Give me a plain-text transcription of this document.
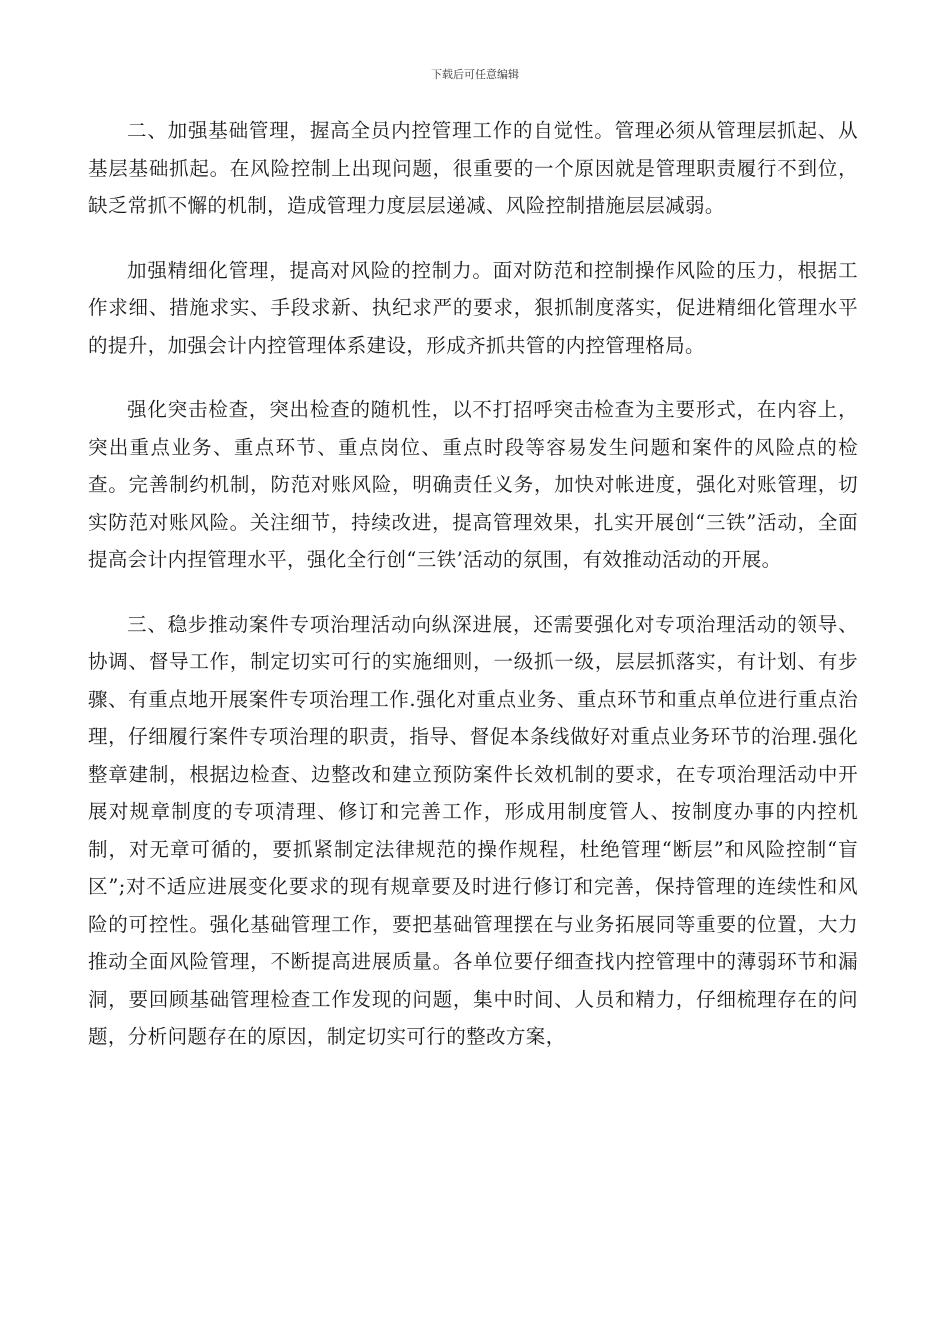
下载后可任意编辑

二、加强基础管理，握高全员内控管理工作的自觉性。管理必须从管理层抓起、从基层基础抓起。在风险控制上出现问题，很重要的一个原因就是管理职责履行不到位，缺乏常抓不懈的机制，造成管理力度层层递减、风险控制措施层层减弱。

加强精细化管理，提高对风险的控制力。面对防范和控制操作风险的压力，根据工作求细、措施求实、手段求新、执纪求严的要求，狠抓制度落实，促进精细化管理水平的提升，加强会计内控管理体系建设，形成齐抓共管的内控管理格局。

强化突击检查，突出检查的随机性，以不打招呼突击检查为主要形式，在内容上，突出重点业务、重点环节、重点岗位、重点时段等容易发生问题和案件的风险点的检查。完善制约机制，防范对账风险，明确责任义务，加快对帐进度，强化对账管理，切实防范对账风险。关注细节，持续改进，提高管理效果，扎实开展创“三铁”活动，全面提高会计内捏管理水平，强化全行创“三铁’活动的氛围，有效推动活动的开展。

三、稳步推动案件专项治理活动向纵深进展，还需要强化对专项治理活动的领导、协调、督导工作，制定切实可行的实施细则，一级抓一级，层层抓落实，有计划、有步骤、有重点地开展案件专项治理工作.强化对重点业务、重点环节和重点单位进行重点治理，仔细履行案件专项治理的职责，指导、督促本条线做好对重点业务环节的治理.强化整章建制，根据边检查、边整改和建立预防案件长效机制的要求，在专项治理活动中开展对规章制度的专项清理、修订和完善工作，形成用制度管人、按制度办事的内控机制，对无章可循的，要抓紧制定法律规范的操作规程，杜绝管理“断层”和风险控制“盲区”;对不适应进展变化要求的现有规章要及时进行修订和完善，保持管理的连续性和风险的可控性。强化基础管理工作，要把基础管理摆在与业务拓展同等重要的位置，大力推动全面风险管理，不断提高进展质量。各单位要仔细查找内控管理中的薄弱环节和漏洞，要回顾基础管理检查工作发现的问题，集中时间、人员和精力，仔细梳理存在的问题，分析问题存在的原因，制定切实可行的整改方案，
